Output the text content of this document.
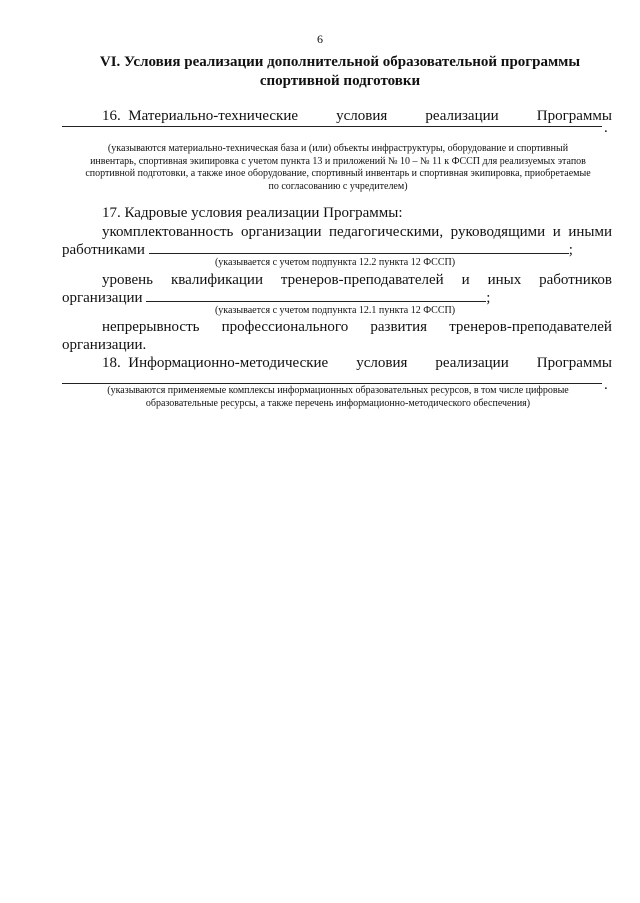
6
VI. Условия реализации дополнительной образовательной программы
спортивной подготовки
16. Материально-технические	условия	реализации	Программы
.
(указываются материально-техническая база и (или) объекты инфраструктуры, оборудование и спортивный
инвентарь, спортивная экипировка с учетом пункта 13 и приложений № 10 – № 11 к ФССП для реализуемых этапов
спортивной подготовки, а также иное оборудование, спортивный инвентарь и спортивная экипировка, приобретаемые
по согласованию с учредителем)
17. Кадровые условия реализации Программы:
укомплектованность организации педагогическими, руководящими и иными
работниками	;
(указывается с учетом подпункта 12.2 пункта 12 ФССП)
уровень квалификации тренеров-преподавателей и иных работников
организации	;
(указывается с учетом подпункта 12.1 пункта 12 ФССП)
непрерывность профессионального развития тренеров-преподавателей
организации.
18. Информационно-методические условия реализации Программы
.
(указываются применяемые комплексы информационных образовательных ресурсов, в том числе цифровые
образовательные ресурсы, а также перечень информационно-методического обеспечения)
